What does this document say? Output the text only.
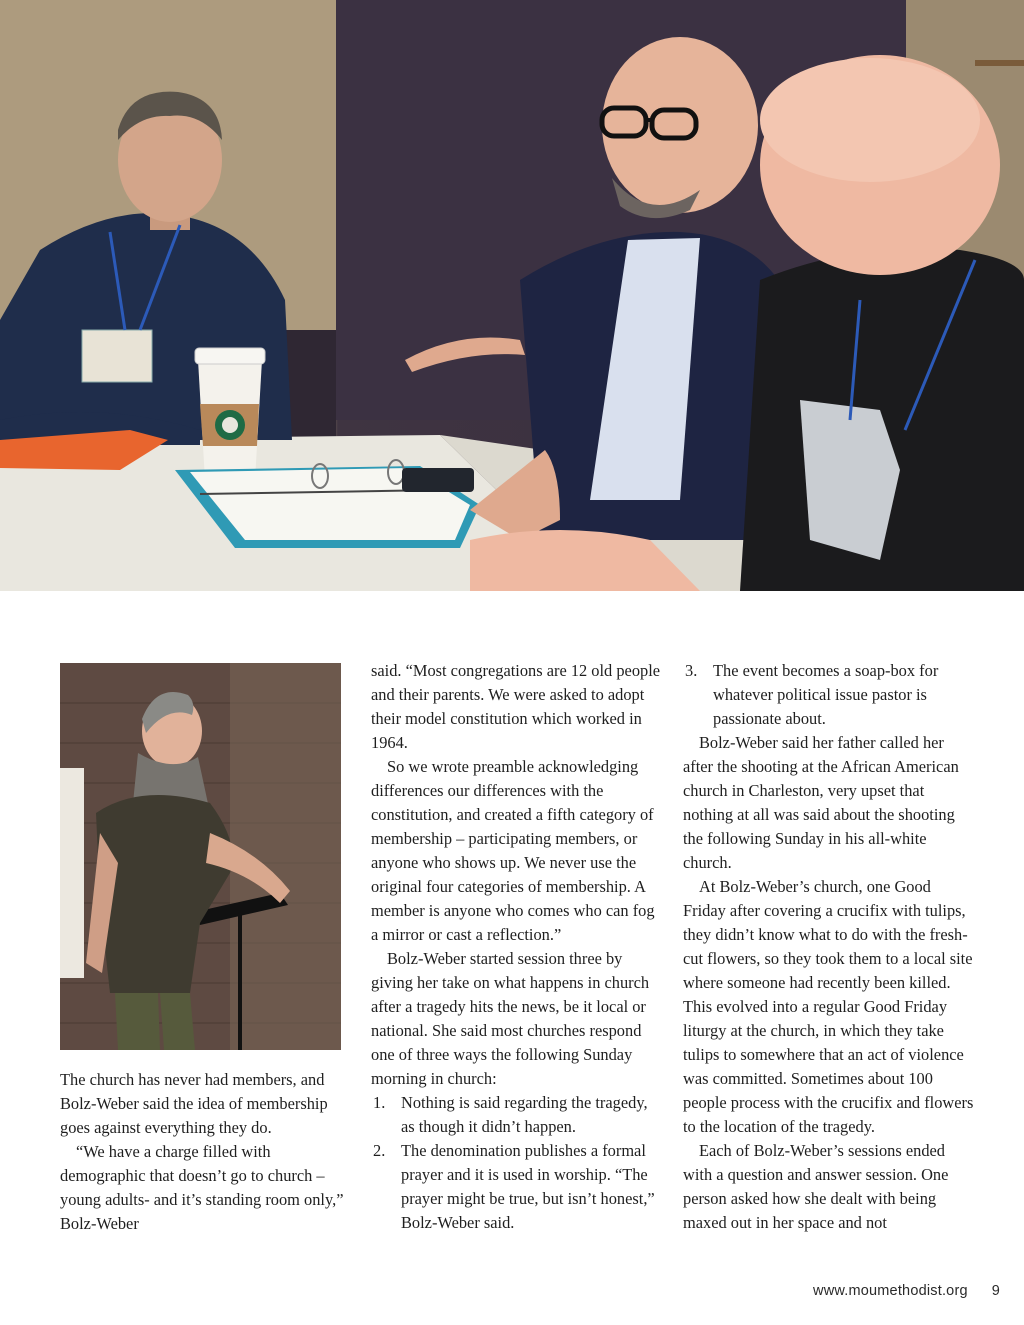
The church has never had members, and Bolz-Weber said the idea of membership goes against everything they do.

“We have a charge filled with demographic that doesn’t go to church – young adults- and it’s standing room only,” Bolz-Weber

said. “Most congregations are 12 old people and their parents. We were asked to adopt their model constitution which worked in 1964.

So we wrote preamble acknowledging differences our differences with the constitution, and created a fifth category of membership – participating members, or anyone who shows up. We never use the original four categories of membership. A member is anyone who comes who can fog a mirror or cast a reflection.”

Bolz-Weber started session three by giving her take on what happens in church after a tragedy hits the news, be it local or national. She said most churches respond one of three ways the following Sunday morning in church:

1. Nothing is said regarding the tragedy, as though it didn’t happen.
2. The denomination publishes a formal prayer and it is used in worship. “The prayer might be true, but isn’t honest,” Bolz-Weber said.
3. The event becomes a soap-box for whatever political issue pastor is passionate about.

Bolz-Weber said her father called her after the shooting at the African American church in Charleston, very upset that nothing at all was said about the shooting the following Sunday in his all-white church.

At Bolz-Weber’s church, one Good Friday after covering a crucifix with tulips, they didn’t know what to do with the fresh-cut flowers, so they took them to a local site where someone had recently been killed. This evolved into a regular Good Friday liturgy at the church, in which they take tulips to somewhere that an act of violence was committed. Sometimes about 100 people process with the crucifix and flowers to the location of the tragedy.

Each of Bolz-Weber’s sessions ended with a question and answer session. One person asked how she dealt with being maxed out in her space and not

www.moumethodist.org 9
